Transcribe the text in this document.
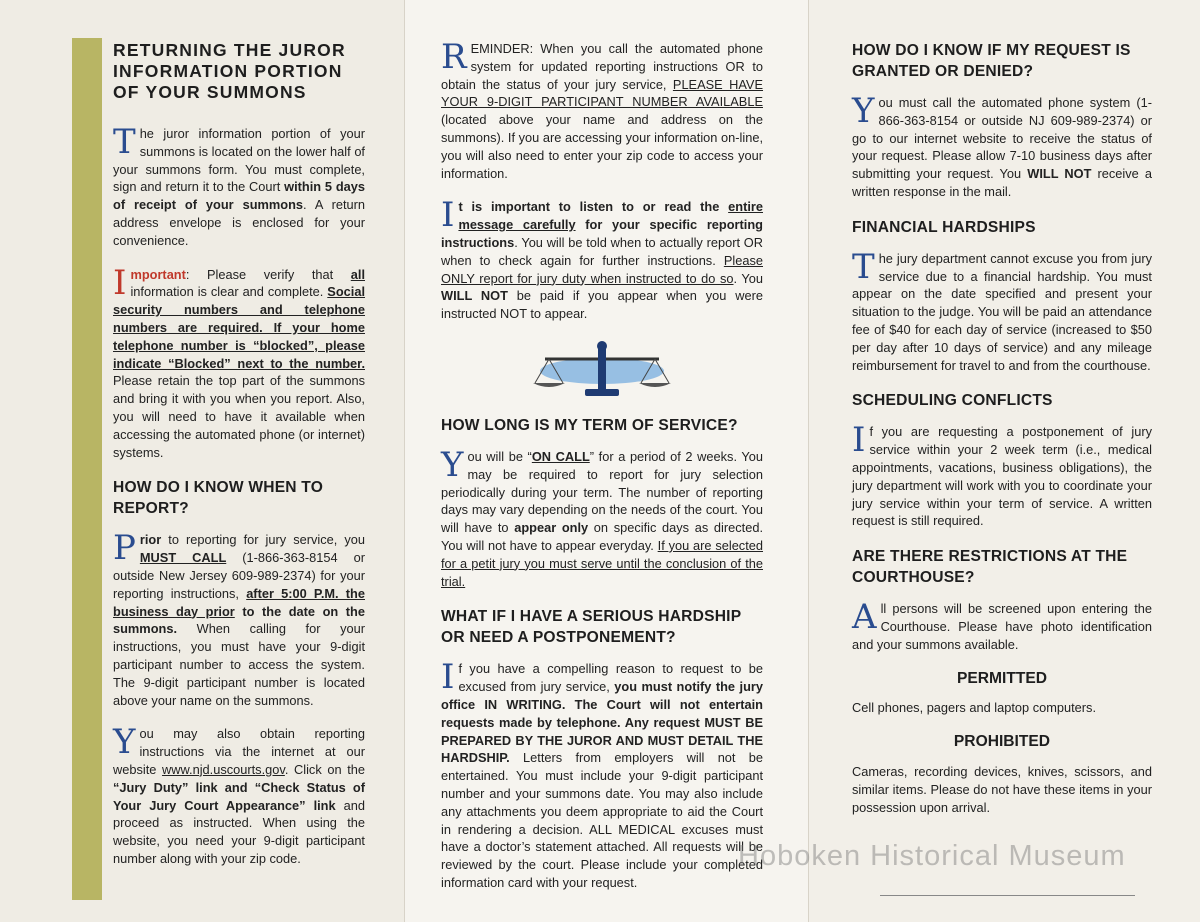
RETURNING THE JUROR INFORMATION PORTION OF YOUR SUMMONS

The juror information portion of your summons is located on the lower half of your summons form. You must complete, sign and return it to the Court within 5 days of receipt of your summons. A return address envelope is enclosed for your convenience.

Important: Please verify that all information is clear and complete. Social security numbers and telephone numbers are required. If your home telephone number is “blocked”, please indicate “Blocked” next to the number. Please retain the top part of the summons and bring it with you when you report. Also, you will need to have it available when accessing the automated phone (or internet) systems.

HOW DO I KNOW WHEN TO REPORT?

Prior to reporting for jury service, you MUST CALL (1-866-363-8154 or outside New Jersey 609-989-2374) for your reporting instructions, after 5:00 P.M. the business day prior to the date on the summons. When calling for your instructions, you must have your 9-digit participant number to access the system. The 9-digit participant number is located above your name on the summons.

You may also obtain reporting instructions via the internet at our website www.njd.uscourts.gov. Click on the “Jury Duty” link and “Check Status of Your Jury Court Appearance” link and proceed as instructed. When using the website, you need your 9-digit participant number along with your zip code.

REMINDER: When you call the automated phone system for updated reporting instructions OR to obtain the status of your jury service, PLEASE HAVE YOUR 9-DIGIT PARTICIPANT NUMBER AVAILABLE (located above your name and address on the summons). If you are accessing your information on-line, you will also need to enter your zip code to access your information.

It is important to listen to or read the entire message carefully for your specific reporting instructions. You will be told when to actually report OR when to check again for further instructions. Please ONLY report for jury duty when instructed to do so. You WILL NOT be paid if you appear when you were instructed NOT to appear.

HOW LONG IS MY TERM OF SERVICE?

You will be “ON CALL” for a period of 2 weeks. You may be required to report for jury selection periodically during your term. The number of reporting days may vary depending on the needs of the court. You will have to appear only on specific days as directed. You will not have to appear everyday. If you are selected for a petit jury you must serve until the conclusion of the trial.

WHAT IF I HAVE A SERIOUS HARDSHIP OR NEED A POSTPONEMENT?

If you have a compelling reason to request to be excused from jury service, you must notify the jury office IN WRITING. The Court will not entertain requests made by telephone. Any request MUST BE PREPARED BY THE JUROR AND MUST DETAIL THE HARDSHIP. Letters from employers will not be entertained. You must include your 9-digit participant number and your summons date. You may also include any attachments you deem appropriate to aid the Court in rendering a decision. ALL MEDICAL excuses must have a doctor’s statement attached. All requests will be reviewed by the court. Please include your completed information card with your request.

HOW DO I KNOW IF MY REQUEST IS GRANTED OR DENIED?

You must call the automated phone system (1-866-363-8154 or outside NJ 609-989-2374) or go to our internet website to receive the status of your request. Please allow 7-10 business days after submitting your request. You WILL NOT receive a written response in the mail.

FINANCIAL HARDSHIPS

The jury department cannot excuse you from jury service due to a financial hardship. You must appear on the date specified and present your situation to the judge. You will be paid an attendance fee of $40 for each day of service (increased to $50 per day after 10 days of service) and any mileage reimbursement for travel to and from the courthouse.

SCHEDULING CONFLICTS

If you are requesting a postponement of jury service within your 2 week term (i.e., medical appointments, vacations, business obligations), the jury department will work with you to coordinate your jury service within your term of service. A written request is still required.

ARE THERE RESTRICTIONS AT THE COURTHOUSE?

All persons will be screened upon entering the Courthouse. Please have photo identification and your summons available.

PERMITTED

Cell phones, pagers and laptop computers.

PROHIBITED

Cameras, recording devices, knives, scissors, and similar items. Please do not have these items in your possession upon arrival.

Hoboken Historical Museum
